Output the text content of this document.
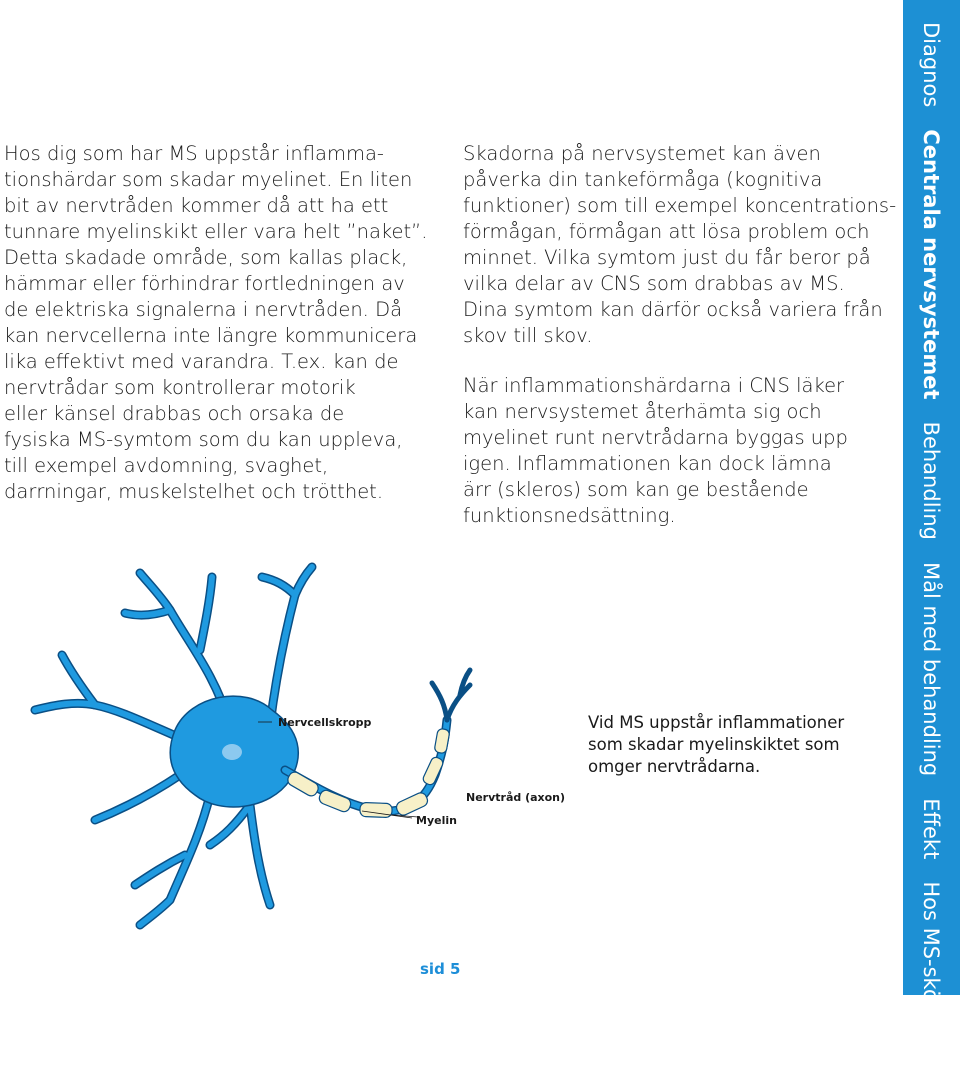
Hos dig som har MS uppstår inflamma-
tionshärdar som skadar myelinet. En liten
bit av nervtråden kommer då att ha ett
tunnare myelinskikt eller vara helt ”naket”.
Detta skadade område, som kallas plack,
hämmar eller förhindrar fortledningen av
de elektriska signalerna i nervtråden. Då
kan nervcellerna inte längre kommunicera
lika effektivt med varandra. T.ex. kan de
nervtrådar som kontrollerar motorik
eller känsel drabbas och orsaka de
fysiska MS-symtom som du kan uppleva,
till exempel avdomning, svaghet,
darrningar, muskelstelhet och trötthet.

Skadorna på nervsystemet kan även
påverka din tankeförmåga (kognitiva
funktioner) som till exempel koncentrations-
förmågan, förmågan att lösa problem och
minnet. Vilka symtom just du får beror på
vilka delar av CNS som drabbas av MS.
Dina symtom kan därför också variera från
skov till skov.

När inflammationshärdarna i CNS läker
kan nervsystemet återhämta sig och
myelinet runt nervtrådarna byggas upp
igen. Inflammationen kan dock lämna
ärr (skleros) som kan ge bestående
funktionsnedsättning.

Nervcellskropp
Nervtråd (axon)
Myelin
Vid MS uppstår inflammationer
som skadar myelinskiktet som
omger nervtrådarna.
sid 5
Diagnos
Centrala nervsystemet
Behandling
Mål med behandling
Effekt
Hos MS-sköterskan
